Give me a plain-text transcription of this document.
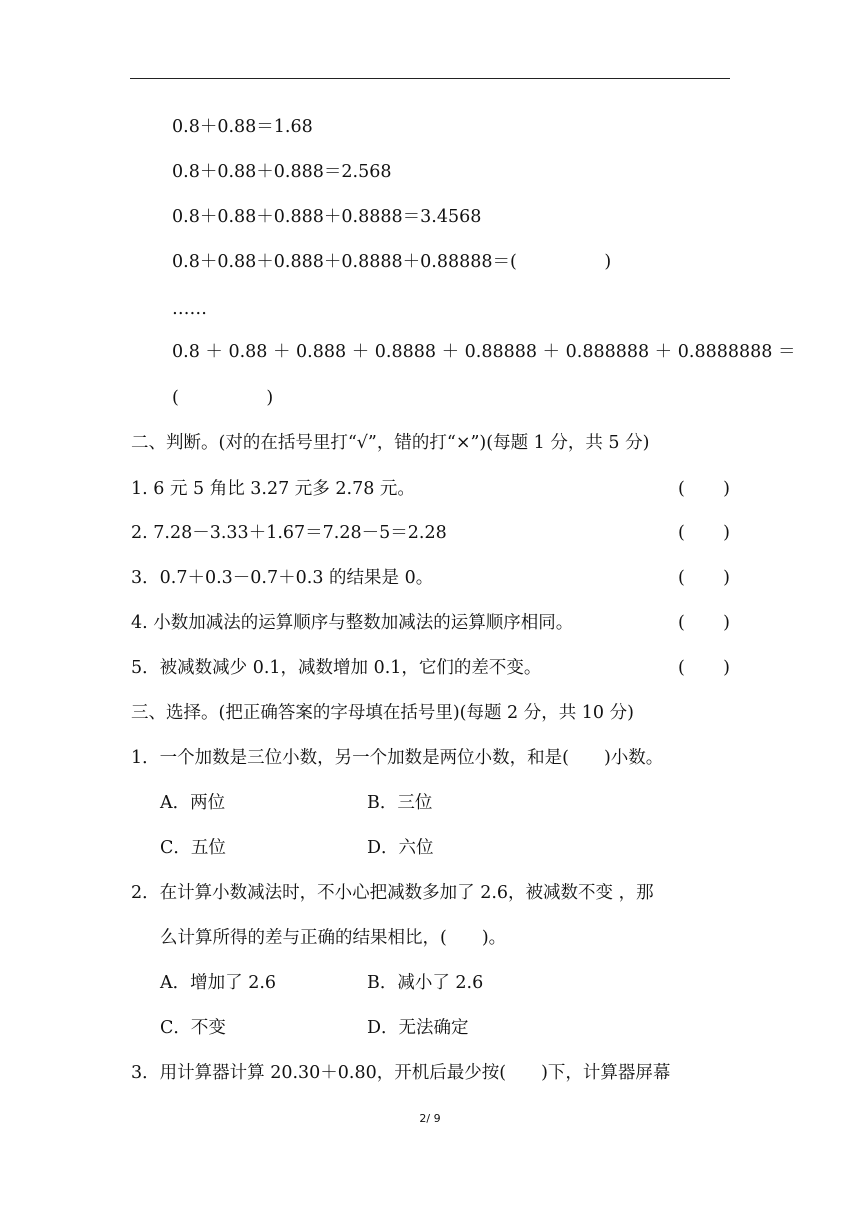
0.8＋0.88＝1.68
0.8＋0.88＋0.888＝2.568
0.8＋0.88＋0.888＋0.8888＝3.4568
0.8＋0.88＋0.888＋0.8888＋0.88888＝(　　　　　)
……
0.8 ＋ 0.88 ＋ 0.888 ＋ 0.8888 ＋ 0.88888 ＋ 0.888888 ＋ 0.8888888 ＝
(　　　　　)
二、判断。(对的在括号里打“√”，错的打“×”)(每题 1 分，共 5 分)
1. 6 元 5 角比 3.27 元多 2.78 元。	( )
2. 7.28－3.33＋1.67＝7.28－5＝2.28	( )
3．0.7＋0.3－0.7＋0.3 的结果是 0。	( )
4. 小数加减法的运算顺序与整数加减法的运算顺序相同。	( )
5．被减数减少 0.1，减数增加 0.1，它们的差不变。	( )
三、选择。(把正确答案的字母填在括号里)(每题 2 分，共 10 分)
1．一个加数是三位小数，另一个加数是两位小数，和是(　　)小数。
A．两位	B．三位
C．五位	D．六位
2．在计算小数减法时，不小心把减数多加了 2.6，被减数不变 ，那
么计算所得的差与正确的结果相比，(　　)。
A．增加了 2.6	B．减小了 2.6
C．不变	D．无法确定
3．用计算器计算 20.30＋0.80，开机后最少按(　　)下，计算器屏幕
2/ 9
